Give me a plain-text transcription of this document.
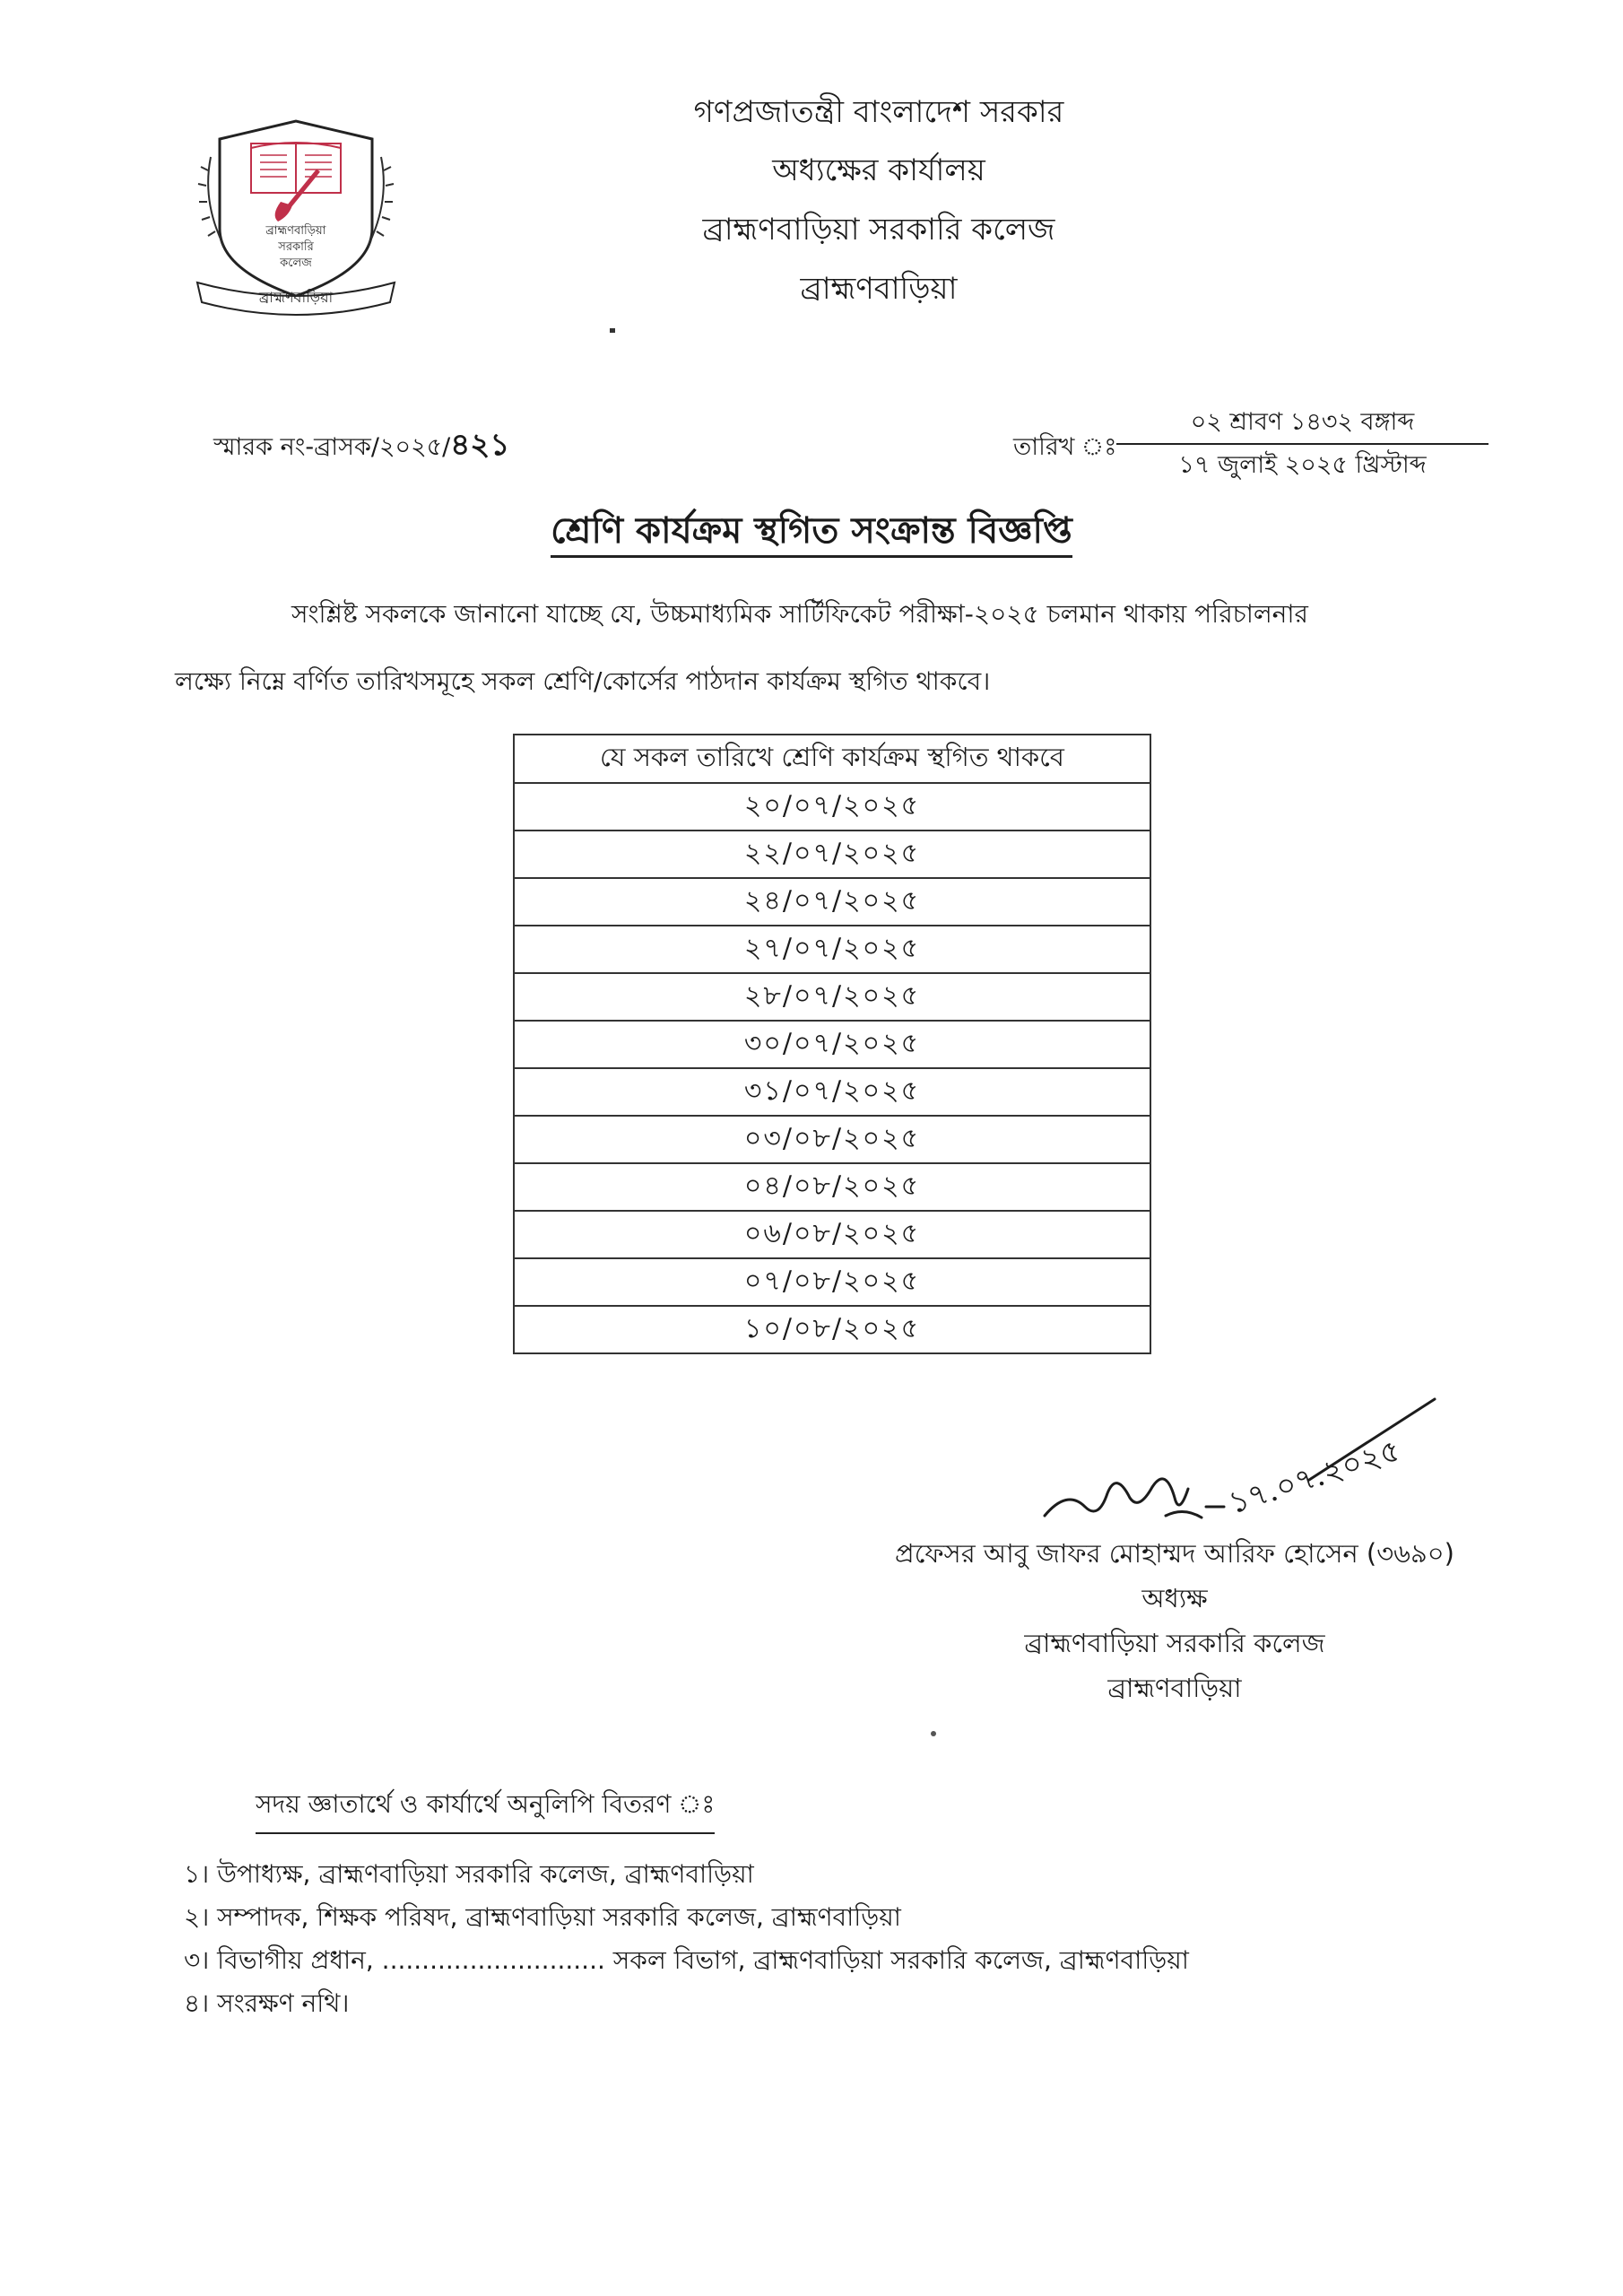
গণপ্রজাতন্ত্রী বাংলাদেশ সরকার
অধ্যক্ষের কার্যালয়
ব্রাহ্মণবাড়িয়া সরকারি কলেজ
ব্রাহ্মণবাড়িয়া
ব্রাহ্মণবাড়িয়া
সরকারি
কলেজ
ব্রাহ্মণবাড়িয়া
স্মারক নং-ব্রাসক/২০২৫/৪২১	তারিখ ঃ
০২ শ্রাবণ ১৪৩২ বঙ্গাব্দ
১৭ জুলাই ২০২৫ খ্রিস্টাব্দ
শ্রেণি কার্যক্রম স্থগিত সংক্রান্ত বিজ্ঞপ্তি
সংশ্লিষ্ট সকলকে জানানো যাচ্ছে যে, উচ্চমাধ্যমিক সার্টিফিকেট পরীক্ষা-২০২৫ চলমান থাকায় পরিচালনার
লক্ষ্যে নিম্নে বর্ণিত তারিখসমূহে সকল শ্রেণি/কোর্সের পাঠদান কার্যক্রম স্থগিত থাকবে।
যে সকল তারিখে শ্রেণি কার্যক্রম স্থগিত থাকবে
২০/০৭/২০২৫
২২/০৭/২০২৫
২৪/০৭/২০২৫
২৭/০৭/২০২৫
২৮/০৭/২০২৫
৩০/০৭/২০২৫
৩১/০৭/২০২৫
০৩/০৮/২০২৫
০৪/০৮/২০২৫
০৬/০৮/২০২৫
০৭/০৮/২০২৫
১০/০৮/২০২৫
১৭.০৭.২০২৫
প্রফেসর আবু জাফর মোহাম্মদ আরিফ হোসেন (৩৬৯০)
অধ্যক্ষ
ব্রাহ্মণবাড়িয়া সরকারি কলেজ
ব্রাহ্মণবাড়িয়া
সদয় জ্ঞাতার্থে ও কার্যার্থে অনুলিপি বিতরণ ঃ
১। উপাধ্যক্ষ, ব্রাহ্মণবাড়িয়া সরকারি কলেজ, ব্রাহ্মণবাড়িয়া
২। সম্পাদক, শিক্ষক পরিষদ, ব্রাহ্মণবাড়িয়া সরকারি কলেজ, ব্রাহ্মণবাড়িয়া
৩। বিভাগীয় প্রধান, ............................ সকল বিভাগ, ব্রাহ্মণবাড়িয়া সরকারি কলেজ, ব্রাহ্মণবাড়িয়া
৪। সংরক্ষণ নথি।
